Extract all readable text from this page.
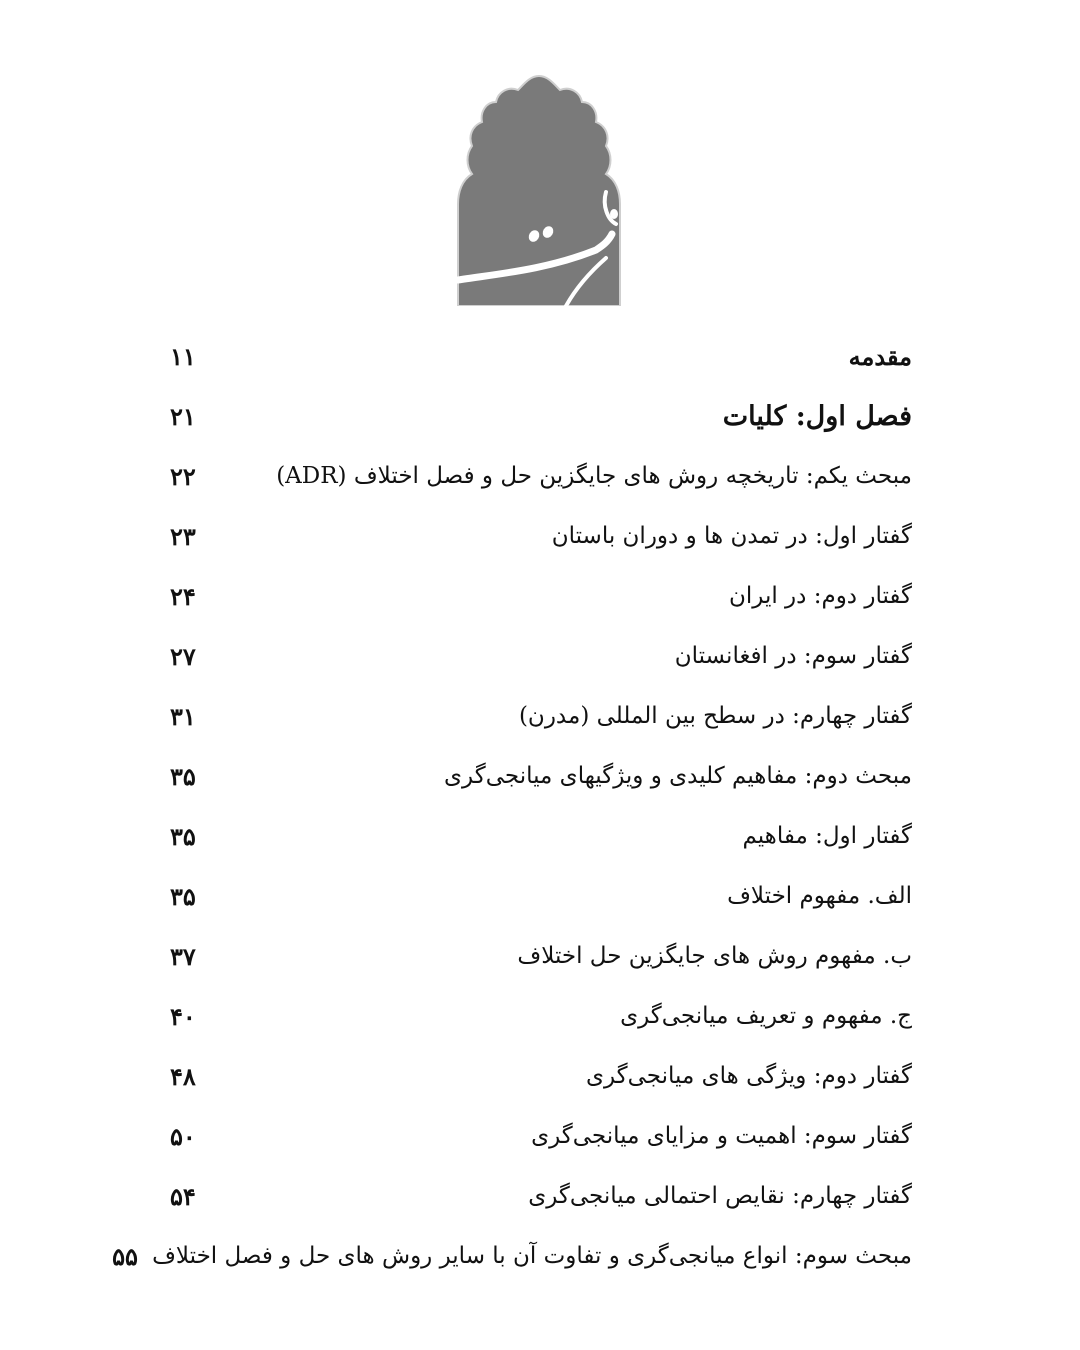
مقدمه
۱۱
فصل اول: کلیات
۲۱
مبحث یکم: تاریخچه روش های جایگزین حل و فصل اختلاف (ADR)
۲۲
گفتار اول: در تمدن ها و دوران باستان
۲۳
گفتار دوم: در ایران
۲۴
گفتار سوم: در افغانستان
۲۷
گفتار چهارم: در سطح بین المللی (مدرن)
۳۱
مبحث دوم: مفاهیم کلیدی و ویژگیهای میانجی‌گری
۳۵
گفتار اول: مفاهیم
۳۵
الف. مفهوم اختلاف
۳۵
ب. مفهوم روش های جایگزین حل اختلاف
۳۷
ج. مفهوم و تعریف میانجی‌گری
۴۰
گفتار دوم: ویژگی های میانجی‌گری
۴۸
گفتار سوم: اهمیت و مزایای میانجی‌گری
۵۰
گفتار چهارم: نقایص احتمالی میانجی‌گری
۵۴
مبحث سوم: انواع میانجی‌گری و تفاوت آن با سایر روش های حل و فصل اختلاف
۵۵
